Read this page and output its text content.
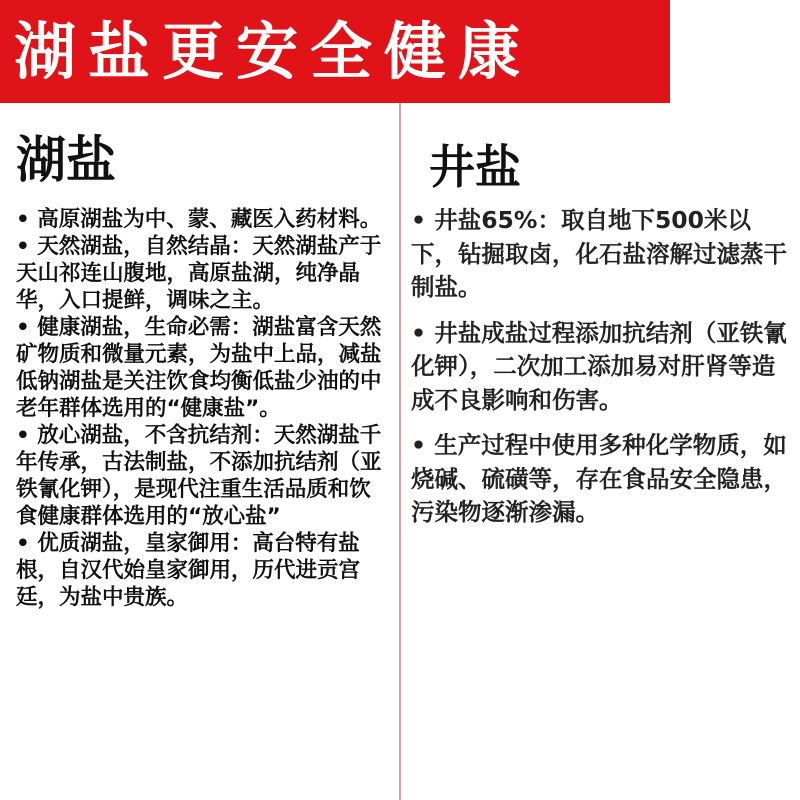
湖盐更安全健康
湖盐
• 高原湖盐为中、蒙、藏医入药材料。
• 天然湖盐，自然结晶：天然湖盐产于天山祁连山腹地，高原盐湖，纯净晶华，入口提鲜，调味之主。
• 健康湖盐，生命必需：湖盐富含天然矿物质和微量元素，为盐中上品，减盐低钠湖盐是关注饮食均衡低盐少油的中老年群体选用的“健康盐”。
• 放心湖盐，不含抗结剂：天然湖盐千年传承，古法制盐，不添加抗结剂（亚铁氰化钾），是现代注重生活品质和饮食健康群体选用的“放心盐”
• 优质湖盐，皇家御用：高台特有盐根，自汉代始皇家御用，历代进贡宫廷，为盐中贵族。
井盐
• 井盐65%：取自地下500米以下，钻掘取卤，化石盐溶解过滤蒸干制盐。
• 井盐成盐过程添加抗结剂（亚铁氰化钾），二次加工添加易对肝肾等造成不良影响和伤害。
• 生产过程中使用多种化学物质，如烧碱、硫磺等，存在食品安全隐患，污染物逐渐渗漏。
